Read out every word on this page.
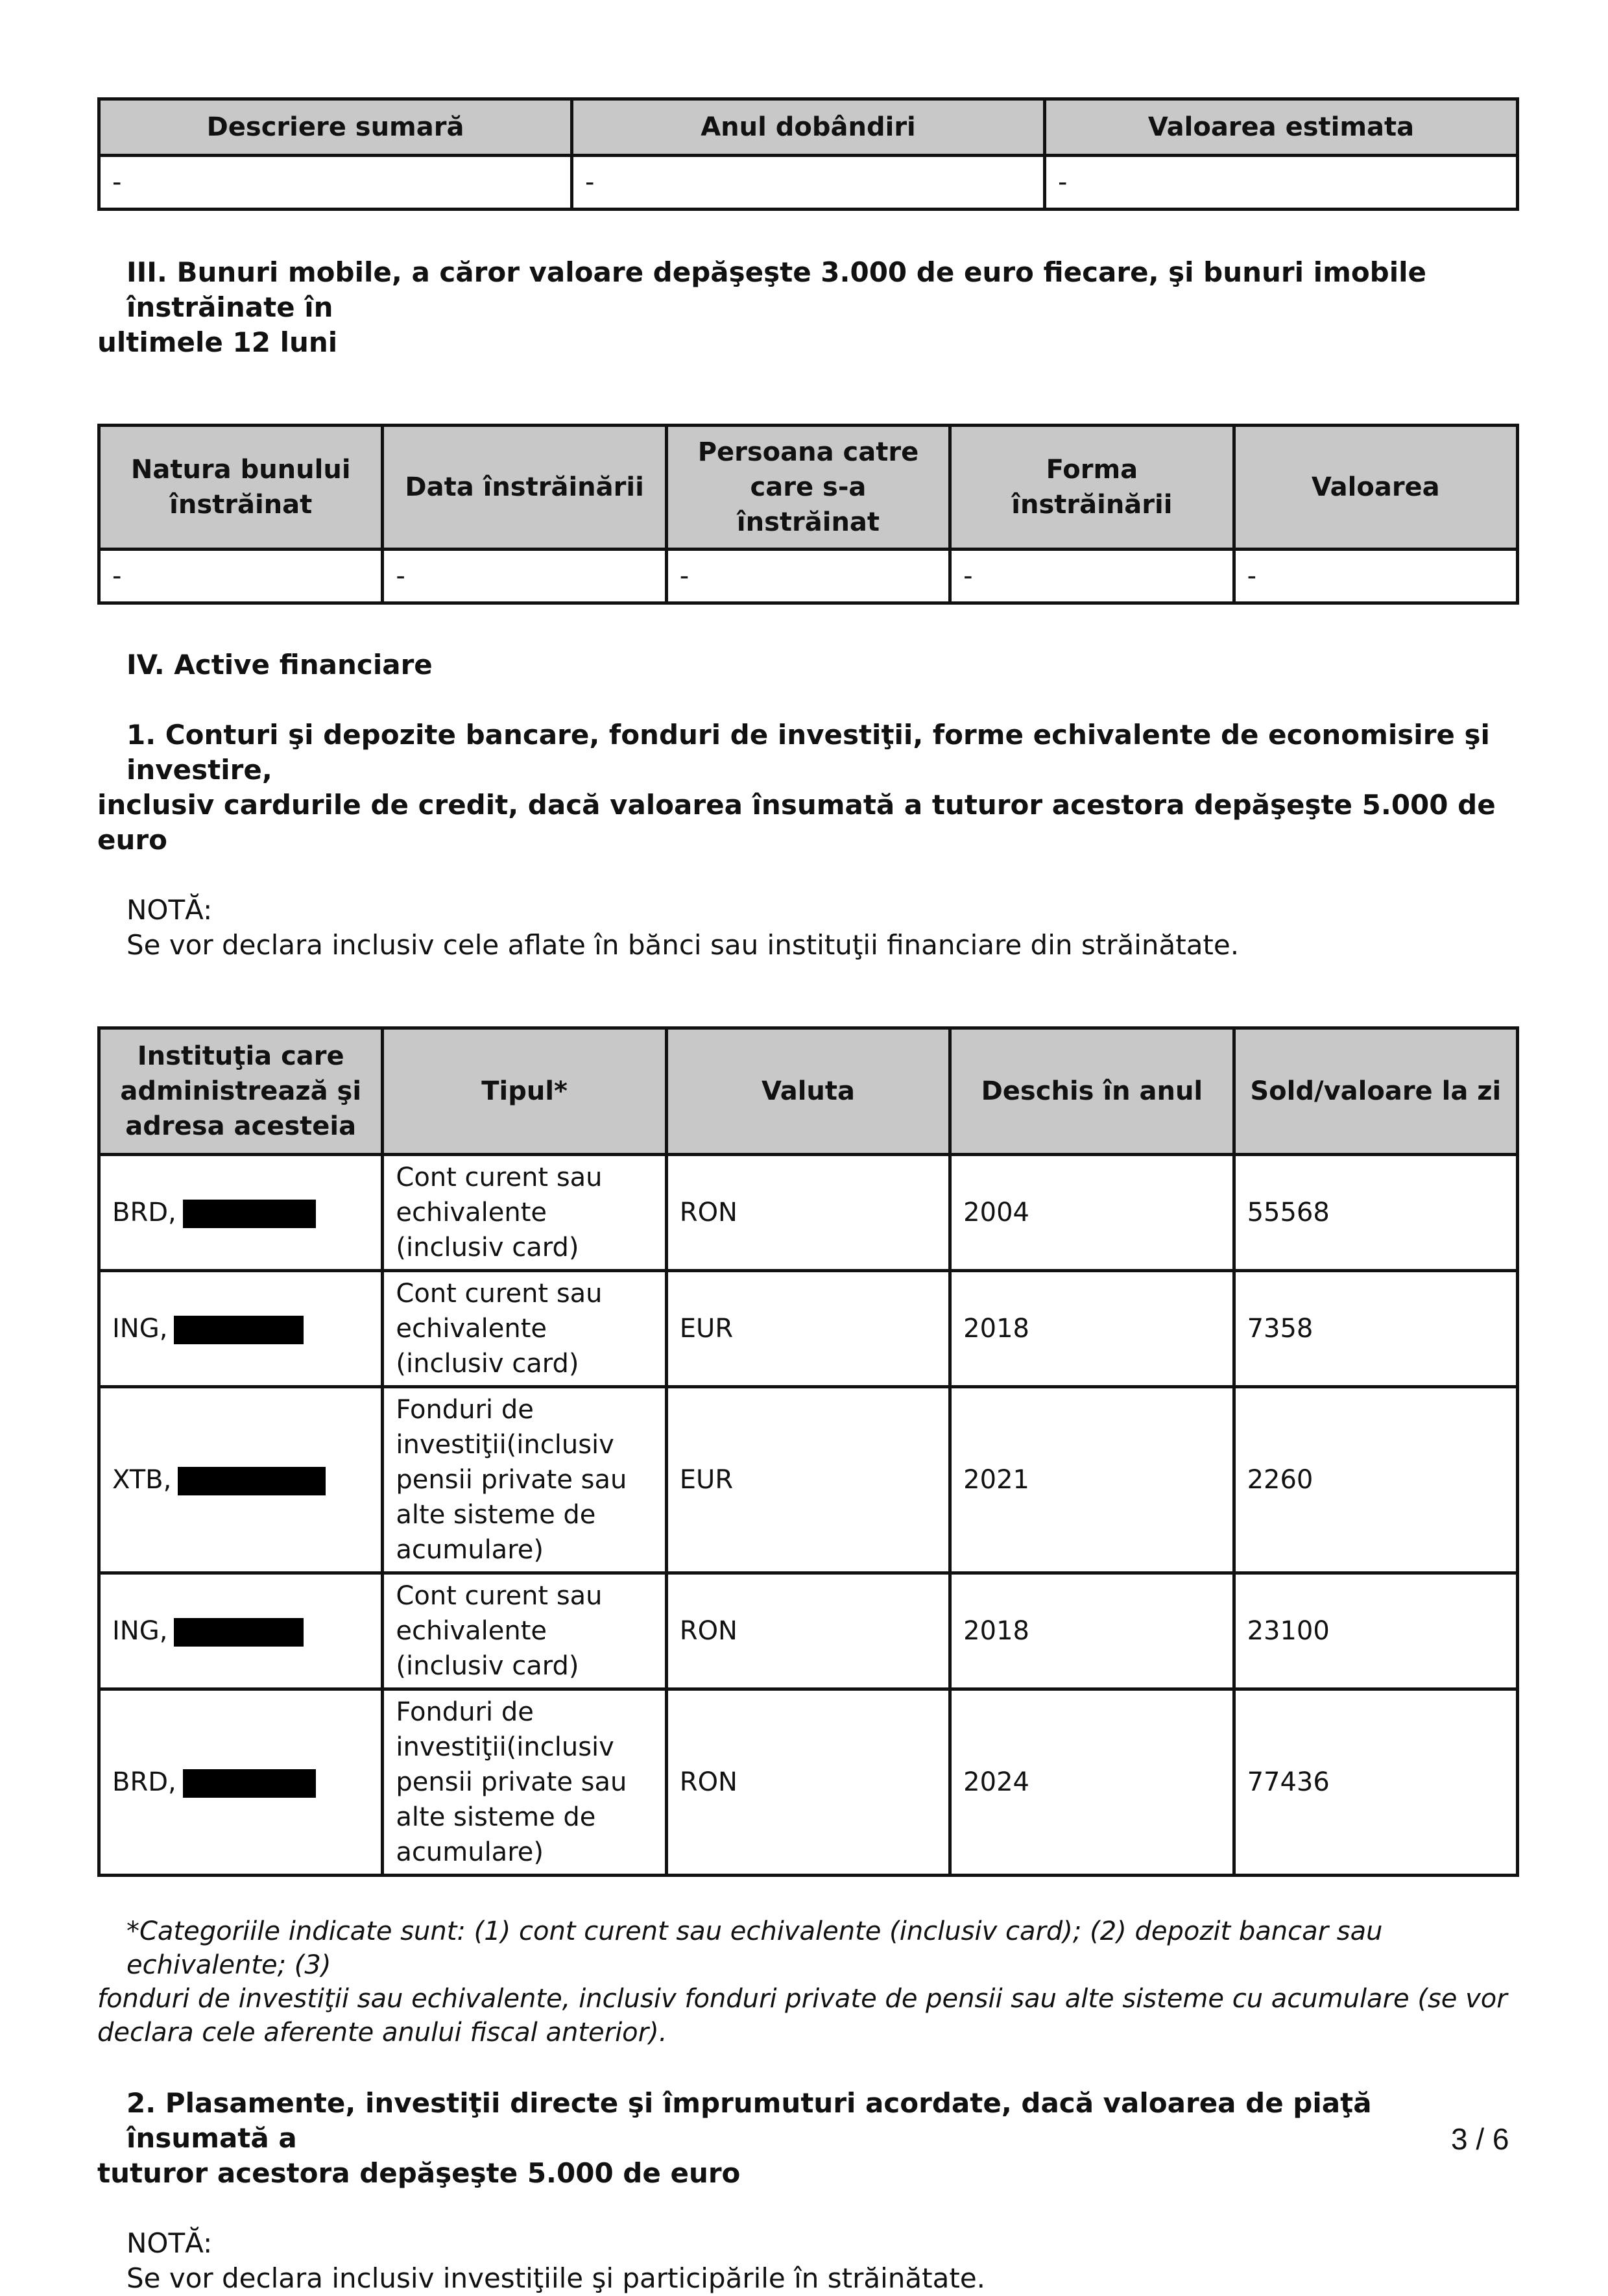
Descriere sumară	Anul dobândiri	Valoarea estimata
-	-	-

III. Bunuri mobile, a căror valoare depăşeşte 3.000 de euro fiecare, şi bunuri imobile înstrăinate în

ultimele 12 luni

Natura bunului înstrăinat	Data înstrăinării	Persoana catre care s-a înstrăinat	Forma înstrăinării	Valoarea
-	-	-	-	-

IV. Active financiare

1. Conturi şi depozite bancare, fonduri de investiţii, forme echivalente de economisire şi investire,

inclusiv cardurile de credit, dacă valoarea însumată a tuturor acestora depăşeşte 5.000 de euro

NOTĂ:

Se vor declara inclusiv cele aflate în bănci sau instituţii financiare din străinătate.

Instituţia care administrează şi adresa acesteia	Tipul*	Valuta	Deschis în anul	Sold/valoare la zi
BRD,	Cont curent sau echivalente (inclusiv card)	RON	2004	55568
ING,	Cont curent sau echivalente (inclusiv card)	EUR	2018	7358
XTB,	Fonduri de investiţii(inclusiv pensii private sau alte sisteme de acumulare)	EUR	2021	2260
ING,	Cont curent sau echivalente (inclusiv card)	RON	2018	23100
BRD,	Fonduri de investiţii(inclusiv pensii private sau alte sisteme de acumulare)	RON	2024	77436

*Categoriile indicate sunt: (1) cont curent sau echivalente (inclusiv card); (2) depozit bancar sau echivalente; (3)

fonduri de investiţii sau echivalente, inclusiv fonduri private de pensii sau alte sisteme cu acumulare (se vor

declara cele aferente anului fiscal anterior).

2. Plasamente, investiţii directe şi împrumuturi acordate, dacă valoarea de piaţă însumată a

tuturor acestora depăşeşte 5.000 de euro

NOTĂ:

Se vor declara inclusiv investiţiile şi participările în străinătate.

3 / 6
